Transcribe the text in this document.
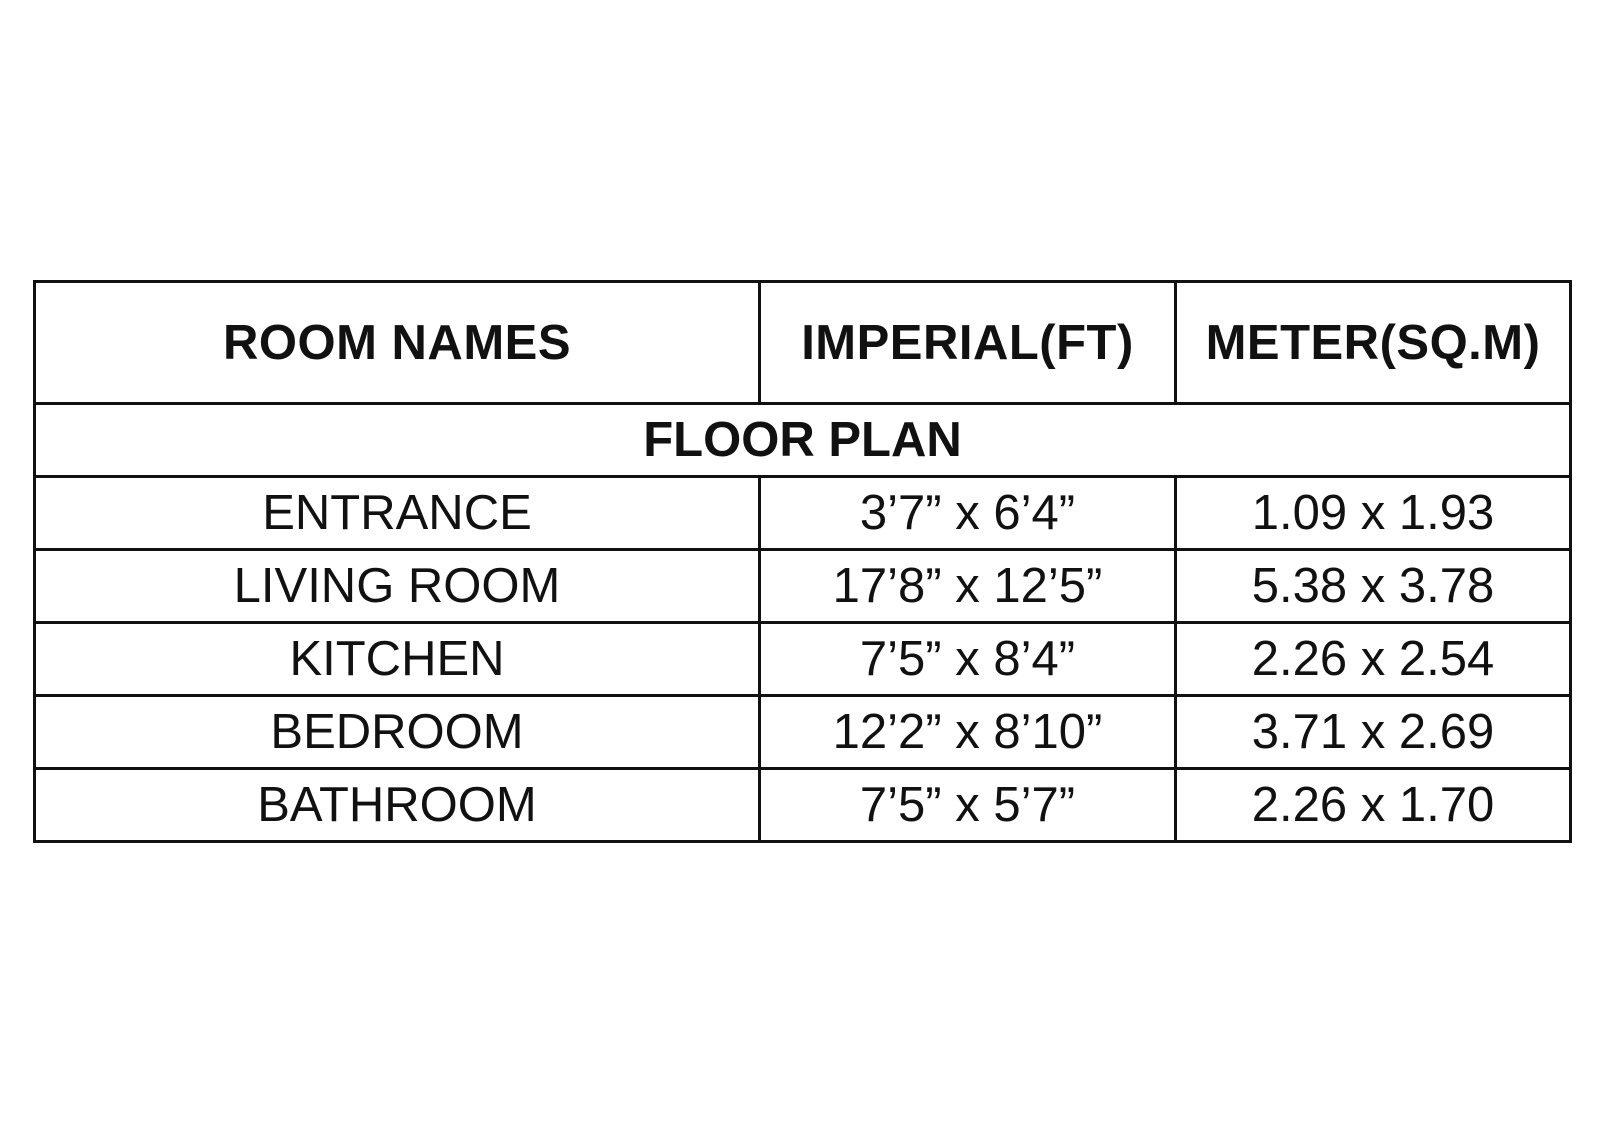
ROOM NAMES	IMPERIAL(FT)	METER(SQ.M)
FLOOR PLAN		
ENTRANCE	3’7” x 6’4”	1.09 x 1.93
LIVING ROOM	17’8” x 12’5”	5.38 x 3.78
KITCHEN	7’5” x 8’4”	2.26 x 2.54
BEDROOM	12’2” x 8’10”	3.71 x 2.69
BATHROOM	7’5” x 5’7”	2.26 x 1.70
